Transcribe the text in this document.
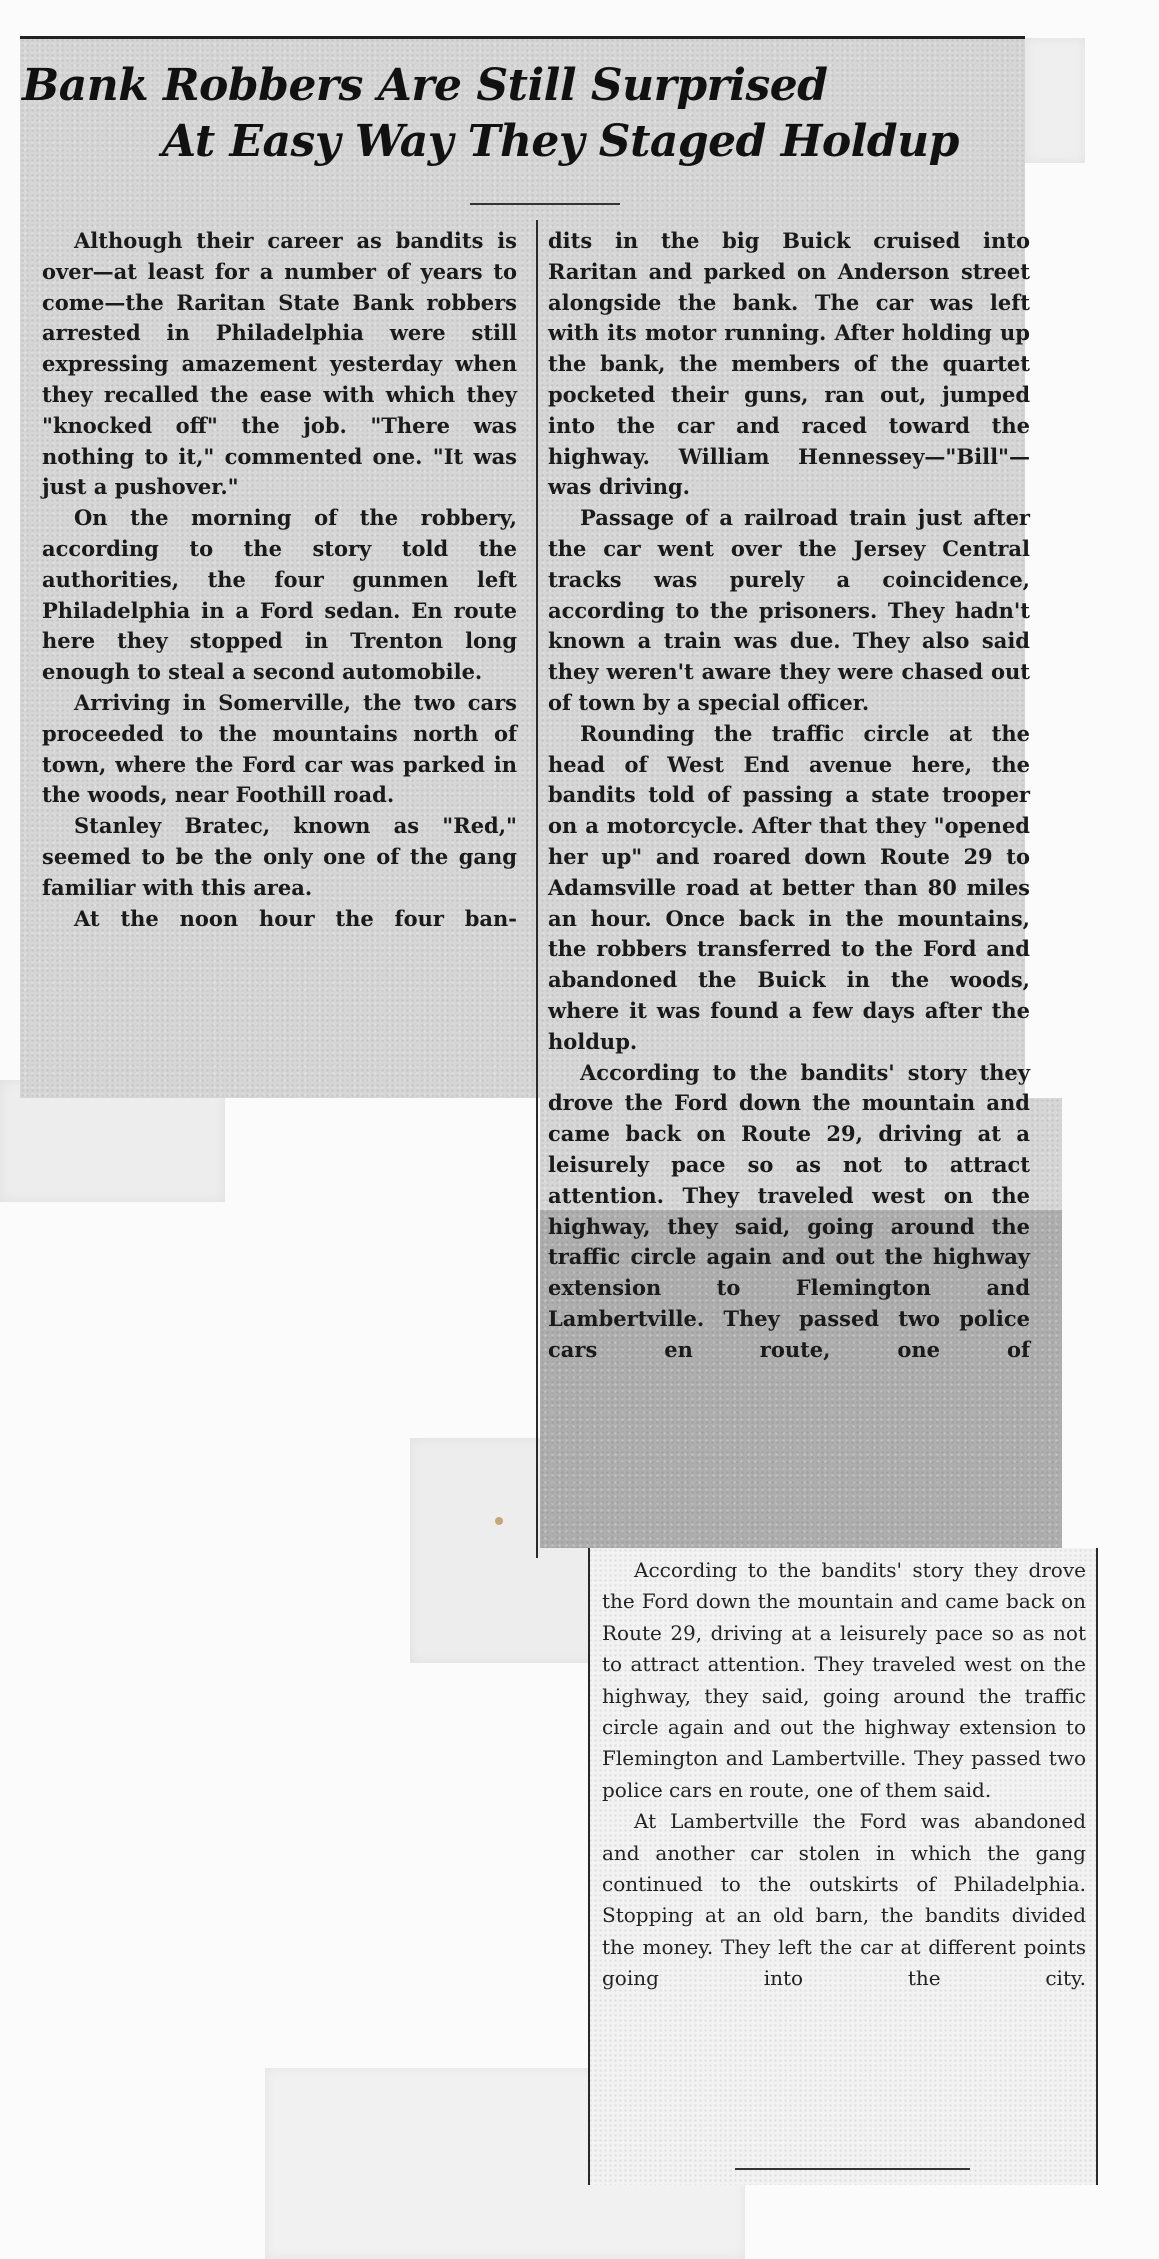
Bank Robbers Are Still Surprised
At Easy Way They Staged Holdup

Although their career as bandits is over—at least for a number of years to come—the Raritan State Bank robbers arrested in Philadelphia were still expressing amazement yesterday when they recalled the ease with which they "knocked off" the job. "There was nothing to it," commented one. "It was just a pushover."

On the morning of the robbery, according to the story told the authorities, the four gunmen left Philadelphia in a Ford sedan. En route here they stopped in Trenton long enough to steal a second automobile.

Arriving in Somerville, the two cars proceeded to the mountains north of town, where the Ford car was parked in the woods, near Foothill road.

Stanley Bratec, known as "Red," seemed to be the only one of the gang familiar with this area.

At the noon hour the four ban-

dits in the big Buick cruised into Raritan and parked on Anderson street alongside the bank. The car was left with its motor running. After holding up the bank, the members of the quartet pocketed their guns, ran out, jumped into the car and raced toward the highway. William Hennessey—"Bill"—was driving.

Passage of a railroad train just after the car went over the Jersey Central tracks was purely a coincidence, according to the prisoners. They hadn't known a train was due. They also said they weren't aware they were chased out of town by a special officer.

Rounding the traffic circle at the head of West End avenue here, the bandits told of passing a state trooper on a motorcycle. After that they "opened her up" and roared down Route 29 to Adamsville road at better than 80 miles an hour. Once back in the mountains, the robbers transferred to the Ford and abandoned the Buick in the woods, where it was found a few days after the holdup.

According to the bandits' story they drove the Ford down the mountain and came back on Route 29, driving at a leisurely pace so as not to attract attention. They traveled west on the highway, they said, going around the traffic circle again and out the highway extension to Flemington and Lambertville. They passed two police cars en route, one of

According to the bandits' story they drove the Ford down the mountain and came back on Route 29, driving at a leisurely pace so as not to attract attention. They traveled west on the highway, they said, going around the traffic circle again and out the highway extension to Flemington and Lambertville. They passed two police cars en route, one of them said.

At Lambertville the Ford was abandoned and another car stolen in which the gang continued to the outskirts of Philadelphia. Stopping at an old barn, the bandits divided the money. They left the car at different points going into the city.
